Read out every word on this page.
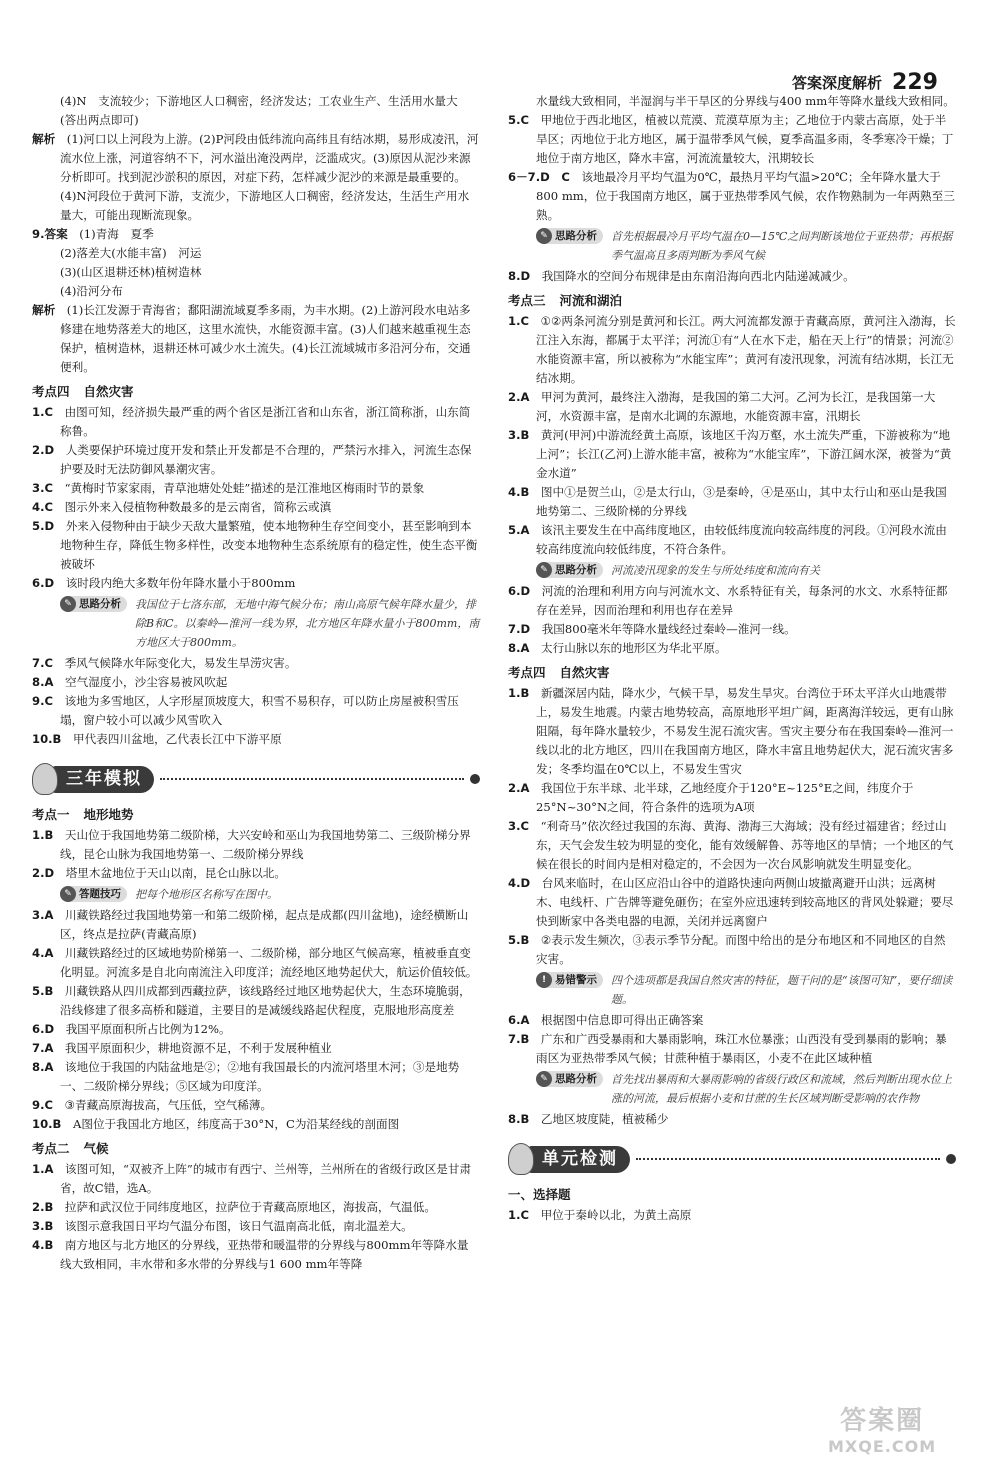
答案深度解析 229

(4)N　支流较少；下游地区人口稠密，经济发达；工农业生产、生活用水量大　(答出两点即可)

解析　(1)河口以上河段为上游。(2)P河段由低纬流向高纬且有结冰期，易形成凌汛，河流水位上涨，河道容纳不下，河水溢出淹没两岸，泛滥成灾。(3)原因从泥沙来源分析即可。找到泥沙淤积的原因，对症下药，怎样减少泥沙的来源是最重要的。(4)N河段位于黄河下游，支流少，下游地区人口稠密，经济发达，生活生产用水量大，可能出现断流现象。

9.答案　(1)青海　夏季

(2)落差大(水能丰富)　河运

(3)(山区退耕还林)植树造林

(4)沿河分布

解析　(1)长江发源于青海省；鄱阳湖流域夏季多雨，为丰水期。(2)上游河段水电站多修建在地势落差大的地区，这里水流快，水能资源丰富。(3)人们越来越重视生态保护，植树造林，退耕还林可减少水土流失。(4)长江流域城市多沿河分布，交通便利。

考点四 自然灾害

1.C　由图可知，经济损失最严重的两个省区是浙江省和山东省，浙江简称浙，山东简称鲁。

2.D　人类要保护环境过度开发和禁止开发都是不合理的，严禁污水排入，河流生态保护要及时无法防御风暴潮灾害。

3.C　“黄梅时节家家雨，青草池塘处处蛙”描述的是江淮地区梅雨时节的景象

4.C　图示外来入侵植物种数最多的是云南省，简称云或滇

5.D　外来入侵物种由于缺少天敌大量繁殖，使本地物种生存空间变小，甚至影响到本地物种生存，降低生物多样性，改变本地物种生态系统原有的稳定性，使生态平衡被破坏

6.D　该时段内绝大多数年份年降水量小于800mm

✎ 思路分析 我国位于七洛东部，无地中海气候分布；南山高原气候年降水量少，排除B和C。以秦岭—淮河一线为界，北方地区年降水量小于800mm，南方地区大于800mm。

7.C　季风气候降水年际变化大，易发生旱涝灾害。

8.A　空气湿度小，沙尘容易被风吹起

9.C　该地为多雪地区，人字形屋顶坡度大，积雪不易积存，可以防止房屋被积雪压塌，窗户较小可以减少风雪吹入

10.B　甲代表四川盆地，乙代表长江中下游平原

三年模拟
考点一 地形地势

1.B　天山位于我国地势第二级阶梯，大兴安岭和巫山为我国地势第二、三级阶梯分界线，昆仑山脉为我国地势第一、二级阶梯分界线

2.D　塔里木盆地位于天山以南，昆仑山脉以北。

✎ 答题技巧 把每个地形区名称写在图中。

3.A　川藏铁路经过我国地势第一和第二级阶梯，起点是成都(四川盆地)，途经横断山区，终点是拉萨(青藏高原)

4.A　川藏铁路经过的区域地势阶梯第一、二级阶梯，部分地区气候高寒，植被垂直变化明显。河流多是自北向南流注入印度洋；流经地区地势起伏大，航运价值较低。

5.B　川藏铁路从四川成都到西藏拉萨，该线路经过地区地势起伏大，生态环境脆弱，沿线修建了很多高桥和隧道，主要目的是减缓线路起伏程度，克服地形高度差

6.D　我国平原面积所占比例为12%。

7.A　我国平原面积少，耕地资源不足，不利于发展种植业

8.A　该地位于我国的内陆盆地是②；②地有我国最长的内流河塔里木河；③是地势一、二级阶梯分界线；⑤区域为印度洋。

9.C　③青藏高原海拔高，气压低，空气稀薄。

10.B　A图位于我国北方地区，纬度高于30°N，C为沿某经线的剖面图

考点二 气候

1.A　该图可知，“双被齐上阵”的城市有西宁、兰州等，兰州所在的省级行政区是甘肃省，故C错，选A。

2.B　拉萨和武汉位于同纬度地区，拉萨位于青藏高原地区，海拔高，气温低。

3.B　该图示意我国日平均气温分布图，该日气温南高北低，南北温差大。

4.B　南方地区与北方地区的分界线，亚热带和暖温带的分界线与800mm年等降水量线大致相同，丰水带和多水带的分界线与1 600 mm年等降

水量线大致相同，半湿润与半干旱区的分界线与400 mm年等降水量线大致相同。

5.C　甲地位于西北地区，植被以荒漠、荒漠草原为主；乙地位于内蒙古高原，处于半旱区；丙地位于北方地区，属于温带季风气候，夏季高温多雨，冬季寒冷干燥；丁地位于南方地区，降水丰富，河流流量较大，汛期较长

6－7.D　C　该地最冷月平均气温为0℃，最热月平均气温>20℃；全年降水量大于800 mm，位于我国南方地区，属于亚热带季风气候，农作物熟制为一年两熟至三熟。

✎ 思路分析 首先根据最冷月平均气温在0—15℃之间判断该地位于亚热带；再根据季气温高且多雨判断为季风气候

8.D　我国降水的空间分布规律是由东南沿海向西北内陆递减减少。

考点三 河流和湖泊

1.C　①②两条河流分别是黄河和长江。两大河流都发源于青藏高原，黄河注入渤海，长江注入东海，都属于太平洋；河流①有“人在水下走，船在天上行”的情景；河流②水能资源丰富，所以被称为“水能宝库”；黄河有凌汛现象，河流有结冰期，长江无结冰期。

2.A　甲河为黄河，最终注入渤海，是我国的第二大河。乙河为长江，是我国第一大河，水资源丰富，是南水北调的东源地，水能资源丰富，汛期长

3.B　黄河(甲河)中游流经黄土高原，该地区千沟万壑，水土流失严重，下游被称为“地上河”；长江(乙河)上游水能丰富，被称为“水能宝库”，下游江阔水深，被誉为“黄金水道”

4.B　图中①是贺兰山，②是太行山，③是秦岭，④是巫山，其中太行山和巫山是我国地势第二、三级阶梯的分界线

5.A　该汛主要发生在中高纬度地区，由较低纬度流向较高纬度的河段。①河段水流由较高纬度流向较低纬度，不符合条件。

✎ 思路分析 河流凌汛现象的发生与所处纬度和流向有关

6.D　河流的治理和利用方向与河流水文、水系特征有关，每条河的水文、水系特征都存在差异，因而治理和利用也存在差异

7.D　我国800毫米年等降水量线经过秦岭—淮河一线。

8.A　太行山脉以东的地形区为华北平原。

考点四 自然灾害

1.B　新疆深居内陆，降水少，气候干旱，易发生旱灾。台湾位于环太平洋火山地震带上，易发生地震。内蒙古地势较高，高原地形平坦广阔，距离海洋较远，更有山脉阻隔，每年降水量较少，不易发生泥石流灾害。雪灾主要分布在我国秦岭—淮河一线以北的北方地区，四川在我国南方地区，降水丰富且地势起伏大，泥石流灾害多发；冬季均温在0℃以上，不易发生雪灾

2.A　我国位于东半球、北半球，乙地经度介于120°E~125°E之间，纬度介于25°N~30°N之间，符合条件的选项为A项

3.C　“利奇马”依次经过我国的东海、黄海、渤海三大海域；没有经过福建省；经过山东，天气会发生较为明显的变化，能有效缓解鲁、苏等地区的旱情；一个地区的气候在很长的时间内是相对稳定的，不会因为一次台风影响就发生明显变化。

4.D　台风来临时，在山区应沿山谷中的道路快速向两侧山坡撤离避开山洪；远离树木、电线杆、广告牌等避免砸伤；在室外应迅速转到较高地区的背风处躲避；要尽快到断家中各类电器的电源，关闭并远离窗户

5.B　②表示发生频次，③表示季节分配。而图中给出的是分布地区和不同地区的自然灾害。

! 易错警示 四个选项都是我国自然灾害的特征，题干问的是“该图可知”，要仔细读题。

6.A　根据图中信息即可得出正确答案

7.B　广东和广西受暴雨和大暴雨影响，珠江水位暴涨；山西没有受到暴雨的影响；暴雨区为亚热带季风气候；甘蔗种植于暴雨区，小麦不在此区域种植

✎ 思路分析 首先找出暴雨和大暴雨影响的省级行政区和流域，然后判断出现水位上涨的河流，最后根据小麦和甘蔗的生长区域判断受影响的农作物

8.B　乙地区坡度陡，植被稀少

单元检测
一、选择题

1.C　甲位于秦岭以北，为黄土高原

答案圈
MXQE.COM
